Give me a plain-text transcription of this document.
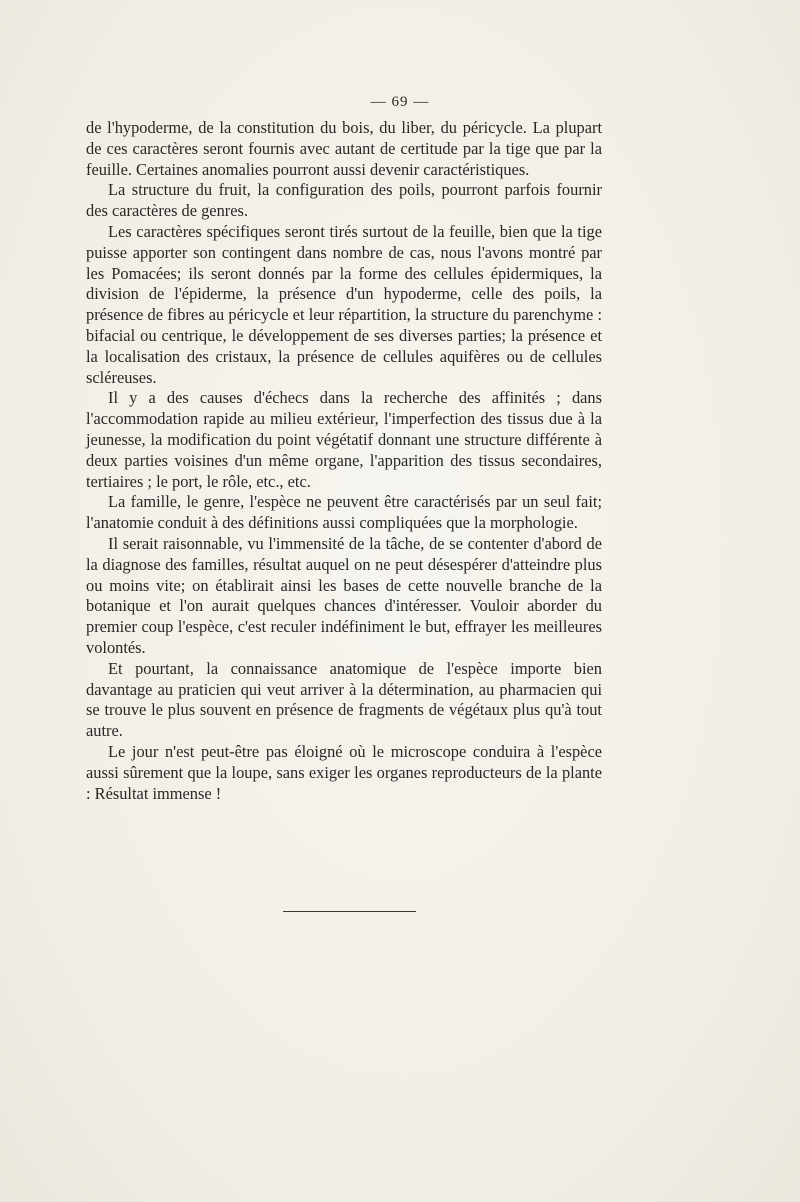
— 69 —

de l'hypoderme, de la constitution du bois, du liber, du péricycle. La plupart de ces caractères seront fournis avec autant de certitude par la tige que par la feuille. Certaines anomalies pourront aussi devenir caractéristiques.

La structure du fruit, la configuration des poils, pourront parfois fournir des caractères de genres.

Les caractères spécifiques seront tirés surtout de la feuille, bien que la tige puisse apporter son contingent dans nombre de cas, nous l'avons montré par les Pomacées; ils seront donnés par la forme des cellules épidermiques, la division de l'épiderme, la présence d'un hypoderme, celle des poils, la présence de fibres au péricycle et leur répartition, la structure du parenchyme : bifacial ou centrique, le développement de ses diverses parties; la présence et la localisation des cristaux, la présence de cellules aquifères ou de cellules scléreuses.

Il y a des causes d'échecs dans la recherche des affinités ; dans l'accommodation rapide au milieu extérieur, l'imperfection des tissus due à la jeunesse, la modification du point végétatif donnant une structure différente à deux parties voisines d'un même organe, l'apparition des tissus secondaires, tertiaires ; le port, le rôle, etc., etc.

La famille, le genre, l'espèce ne peuvent être caractérisés par un seul fait; l'anatomie conduit à des définitions aussi compliquées que la morphologie.

Il serait raisonnable, vu l'immensité de la tâche, de se contenter d'abord de la diagnose des familles, résultat auquel on ne peut désespérer d'atteindre plus ou moins vite; on établirait ainsi les bases de cette nouvelle branche de la botanique et l'on aurait quelques chances d'intéresser. Vouloir aborder du premier coup l'espèce, c'est reculer indéfiniment le but, effrayer les meilleures volontés.

Et pourtant, la connaissance anatomique de l'espèce importe bien davantage au praticien qui veut arriver à la détermination, au pharmacien qui se trouve le plus souvent en présence de fragments de végétaux plus qu'à tout autre.

Le jour n'est peut-être pas éloigné où le microscope conduira à l'espèce aussi sûrement que la loupe, sans exiger les organes reproducteurs de la plante : Résultat immense !
